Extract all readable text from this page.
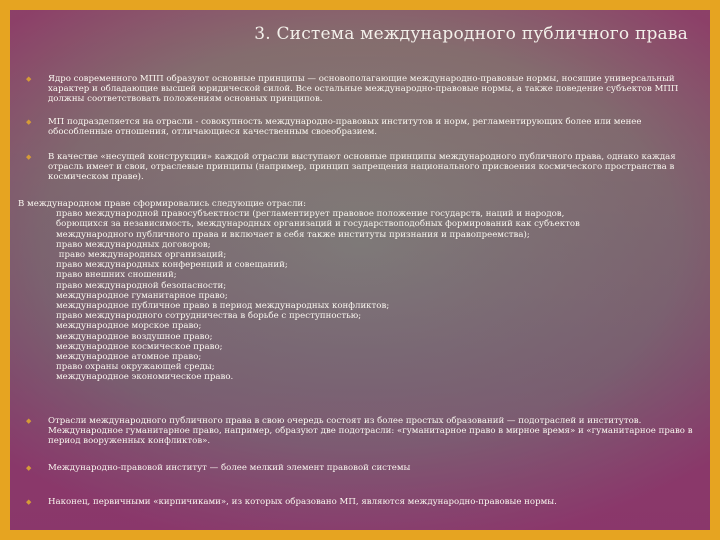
3. Система международного публичного права
◆	Ядро современного МПП образуют основные принципы — основополагающие международно-правовые нормы, носящие универсальный характер и обладающие высшей юридической силой. Все остальные международно-правовые нормы, а также поведение субъектов МПП должны соответствовать положениям основных принципов.
◆	МП подразделяется на отрасли - совокупность международно-правовых институтов и норм, регламентирующих более или менее обособленные отношения, отличающиеся качественным своеобразием.
◆	В качестве «несущей конструкции» каждой отрасли выступают основные принципы международного публичного права, однако каждая отрасль имеет и свои, отраслевые принципы (например, принцип запрещения национального присвоения космического пространства в космическом праве).
В международном праве сформировались следующие отрасли:
право международной правосубъектности (регламентирует правовое положение государств, наций и народов,
борющихся за независимость, международных организаций и государствоподобных формирований как субъектов
международного публичного права и включает в себя также институты признания и правопреемства);
право международных договоров;
право международных организаций;
право международных конференций и совещаний;
право внешних сношений;
право международной безопасности;
международное гуманитарное право;
международное публичное право в период международных конфликтов;
право международного сотрудничества в борьбе с преступностью;
международное морское право;
международное воздушное право;
международное космическое право;
международное атомное право;
право охраны окружающей среды;
международное экономическое право.
◆	Отрасли международного публичного права в свою очередь состоят из более простых образований — подотраслей и институтов. Международное гуманитарное право, например, образуют две подотрасли: «гуманитарное право в мирное время» и «гуманитарное право в период вооруженных конфликтов».
◆	Международно-правовой институт — более мелкий элемент правовой системы
◆	Наконец, первичными «кирпичиками», из которых образовано МП, являются международно-правовые нормы.
